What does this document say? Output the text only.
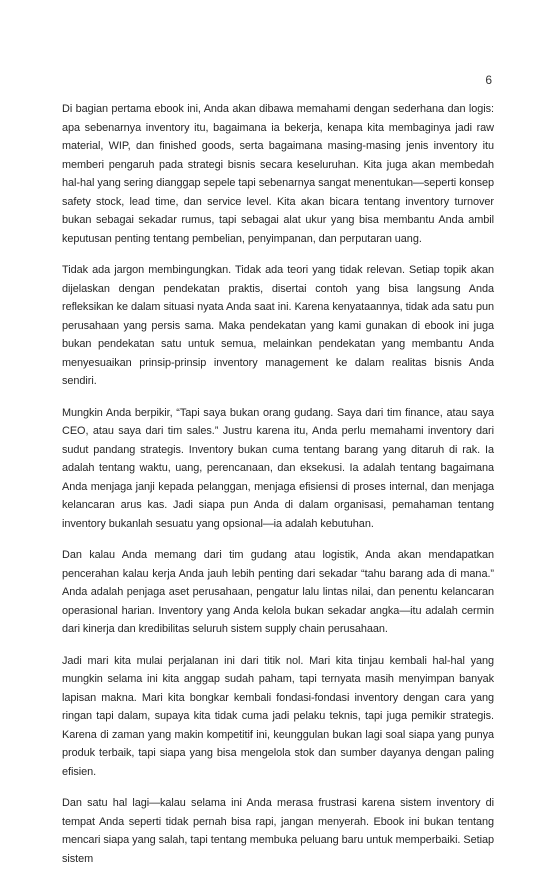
6

Di bagian pertama ebook ini, Anda akan dibawa memahami dengan sederhana dan logis: apa sebenarnya inventory itu, bagaimana ia bekerja, kenapa kita membaginya jadi raw material, WIP, dan finished goods, serta bagaimana masing-masing jenis inventory itu memberi pengaruh pada strategi bisnis secara keseluruhan. Kita juga akan membedah hal-hal yang sering dianggap sepele tapi sebenarnya sangat menentukan—seperti konsep safety stock, lead time, dan service level. Kita akan bicara tentang inventory turnover bukan sebagai sekadar rumus, tapi sebagai alat ukur yang bisa membantu Anda ambil keputusan penting tentang pembelian, penyimpanan, dan perputaran uang.

Tidak ada jargon membingungkan. Tidak ada teori yang tidak relevan. Setiap topik akan dijelaskan dengan pendekatan praktis, disertai contoh yang bisa langsung Anda refleksikan ke dalam situasi nyata Anda saat ini. Karena kenyataannya, tidak ada satu pun perusahaan yang persis sama. Maka pendekatan yang kami gunakan di ebook ini juga bukan pendekatan satu untuk semua, melainkan pendekatan yang membantu Anda menyesuaikan prinsip-prinsip inventory management ke dalam realitas bisnis Anda sendiri.

Mungkin Anda berpikir, “Tapi saya bukan orang gudang. Saya dari tim finance, atau saya CEO, atau saya dari tim sales.” Justru karena itu, Anda perlu memahami inventory dari sudut pandang strategis. Inventory bukan cuma tentang barang yang ditaruh di rak. Ia adalah tentang waktu, uang, perencanaan, dan eksekusi. Ia adalah tentang bagaimana Anda menjaga janji kepada pelanggan, menjaga efisiensi di proses internal, dan menjaga kelancaran arus kas. Jadi siapa pun Anda di dalam organisasi, pemahaman tentang inventory bukanlah sesuatu yang opsional—ia adalah kebutuhan.

Dan kalau Anda memang dari tim gudang atau logistik, Anda akan mendapatkan pencerahan kalau kerja Anda jauh lebih penting dari sekadar “tahu barang ada di mana.” Anda adalah penjaga aset perusahaan, pengatur lalu lintas nilai, dan penentu kelancaran operasional harian. Inventory yang Anda kelola bukan sekadar angka—itu adalah cermin dari kinerja dan kredibilitas seluruh sistem supply chain perusahaan.

Jadi mari kita mulai perjalanan ini dari titik nol. Mari kita tinjau kembali hal-hal yang mungkin selama ini kita anggap sudah paham, tapi ternyata masih menyimpan banyak lapisan makna. Mari kita bongkar kembali fondasi-fondasi inventory dengan cara yang ringan tapi dalam, supaya kita tidak cuma jadi pelaku teknis, tapi juga pemikir strategis. Karena di zaman yang makin kompetitif ini, keunggulan bukan lagi soal siapa yang punya produk terbaik, tapi siapa yang bisa mengelola stok dan sumber dayanya dengan paling efisien.

Dan satu hal lagi—kalau selama ini Anda merasa frustrasi karena sistem inventory di tempat Anda seperti tidak pernah bisa rapi, jangan menyerah. Ebook ini bukan tentang mencari siapa yang salah, tapi tentang membuka peluang baru untuk memperbaiki. Setiap sistem
